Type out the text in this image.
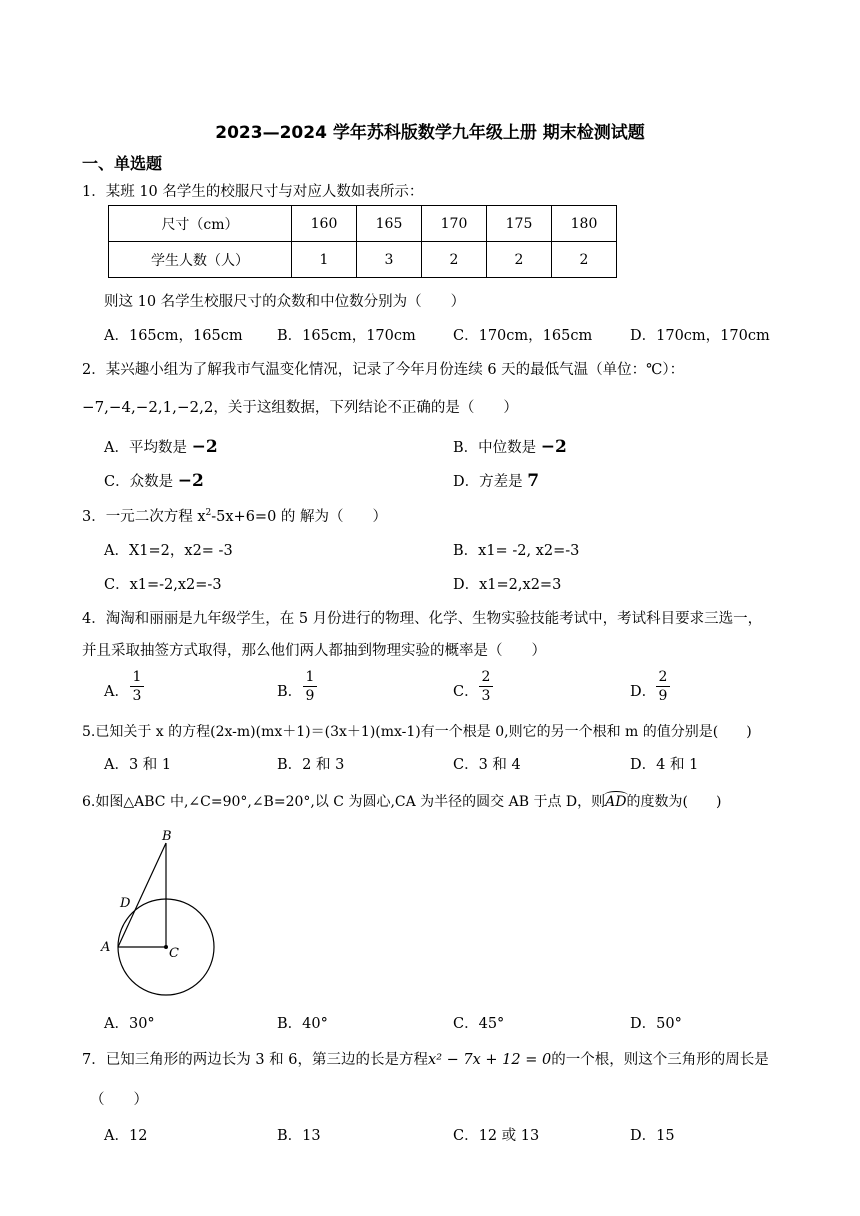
2023—2024 学年苏科版数学九年级上册 期末检测试题
一、单选题
1．某班 10 名学生的校服尺寸与对应人数如表所示：
尺寸（cm）	160	165	170	175	180
学生人数（人）	1	3	2	2	2
则这 10 名学生校服尺寸的众数和中位数分别为（　　）
A．165cm，165cm B．165cm，170cm	C．170cm，165cm	D．170cm，170cm
2．某兴趣小组为了解我市气温变化情况，记录了今年月份连续 6 天的最低气温（单位：℃）：
−7,−4,−2,1,−2,2，关于这组数据，下列结论不正确的是（　　）
A．平均数是 −2	B．中位数是 −2
C．众数是 −2	D．方差是 7
3．一元二次方程 $x^2-5x+6=0$ 的 解为（　　）
A．X1=2，x2= -3	B．x1= -2, x2=-3
C．x1=-2,x2=-3	D．x1=2,x2=3
4．淘淘和丽丽是九年级学生，在 5 月份进行的物理、化学、生物实验技能考试中，考试科目要求三选一，
并且采取抽签方式取得，那么他们两人都抽到物理实验的概率是（　　）
A．
1
3	B．
1
9	C．
2
3	D．
2
9
5.已知关于 x 的方程(2x-m)(mx＋1)＝(3x＋1)(mx-1)有一个根是 0,则它的另一个根和 m 的值分别是(　　)
A．3 和 1	B．2 和 3	C．3 和 4	D．4 和 1
6.如图△ABC 中,∠C=90°,∠B=20°,以 C 为圆心,CA 为半径的圆交 AB 于点 D，则AD的度数为(　　)
B
D
A	C
A．30°	B．40°	C．45°	D．50°
7．已知三角形的两边长为 3 和 6，第三边的长是方程x² − 7x + 12 = 0的一个根，则这个三角形的周长是
（　　）
A．12	B．13	C．12 或 13	D．15
